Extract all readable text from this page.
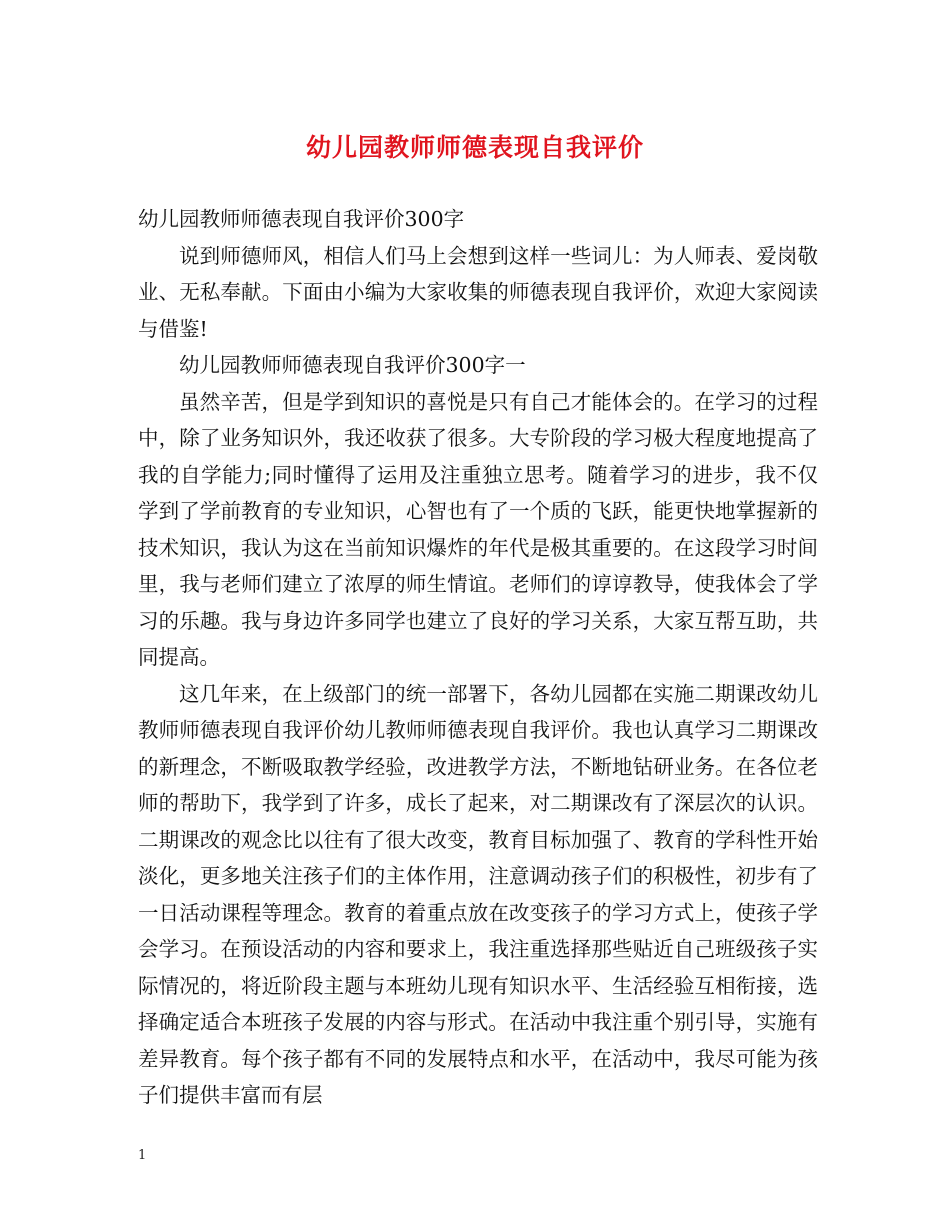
幼儿园教师师德表现自我评价

幼儿园教师师德表现自我评价300字

说到师德师风，相信人们马上会想到这样一些词儿：为人师表、爱岗敬业、无私奉献。下面由小编为大家收集的师德表现自我评价，欢迎大家阅读与借鉴!

幼儿园教师师德表现自我评价300字一

虽然辛苦，但是学到知识的喜悦是只有自己才能体会的。在学习的过程中，除了业务知识外，我还收获了很多。大专阶段的学习极大程度地提高了我的自学能力;同时懂得了运用及注重独立思考。随着学习的进步，我不仅学到了学前教育的专业知识，心智也有了一个质的飞跃，能更快地掌握新的技术知识，我认为这在当前知识爆炸的年代是极其重要的。在这段学习时间里，我与老师们建立了浓厚的师生情谊。老师们的谆谆教导，使我体会了学习的乐趣。我与身边许多同学也建立了良好的学习关系，大家互帮互助，共同提高。

这几年来，在上级部门的统一部署下，各幼儿园都在实施二期课改幼儿教师师德表现自我评价幼儿教师师德表现自我评价。我也认真学习二期课改的新理念，不断吸取教学经验，改进教学方法，不断地钻研业务。在各位老师的帮助下，我学到了许多，成长了起来，对二期课改有了深层次的认识。二期课改的观念比以往有了很大改变，教育目标加强了、教育的学科性开始淡化，更多地关注孩子们的主体作用，注意调动孩子们的积极性，初步有了一日活动课程等理念。教育的着重点放在改变孩子的学习方式上，使孩子学会学习。在预设活动的内容和要求上，我注重选择那些贴近自己班级孩子实际情况的，将近阶段主题与本班幼儿现有知识水平、生活经验互相衔接，选择确定适合本班孩子发展的内容与形式。在活动中我注重个别引导，实施有差异教育。每个孩子都有不同的发展特点和水平，在活动中，我尽可能为孩子们提供丰富而有层

1
